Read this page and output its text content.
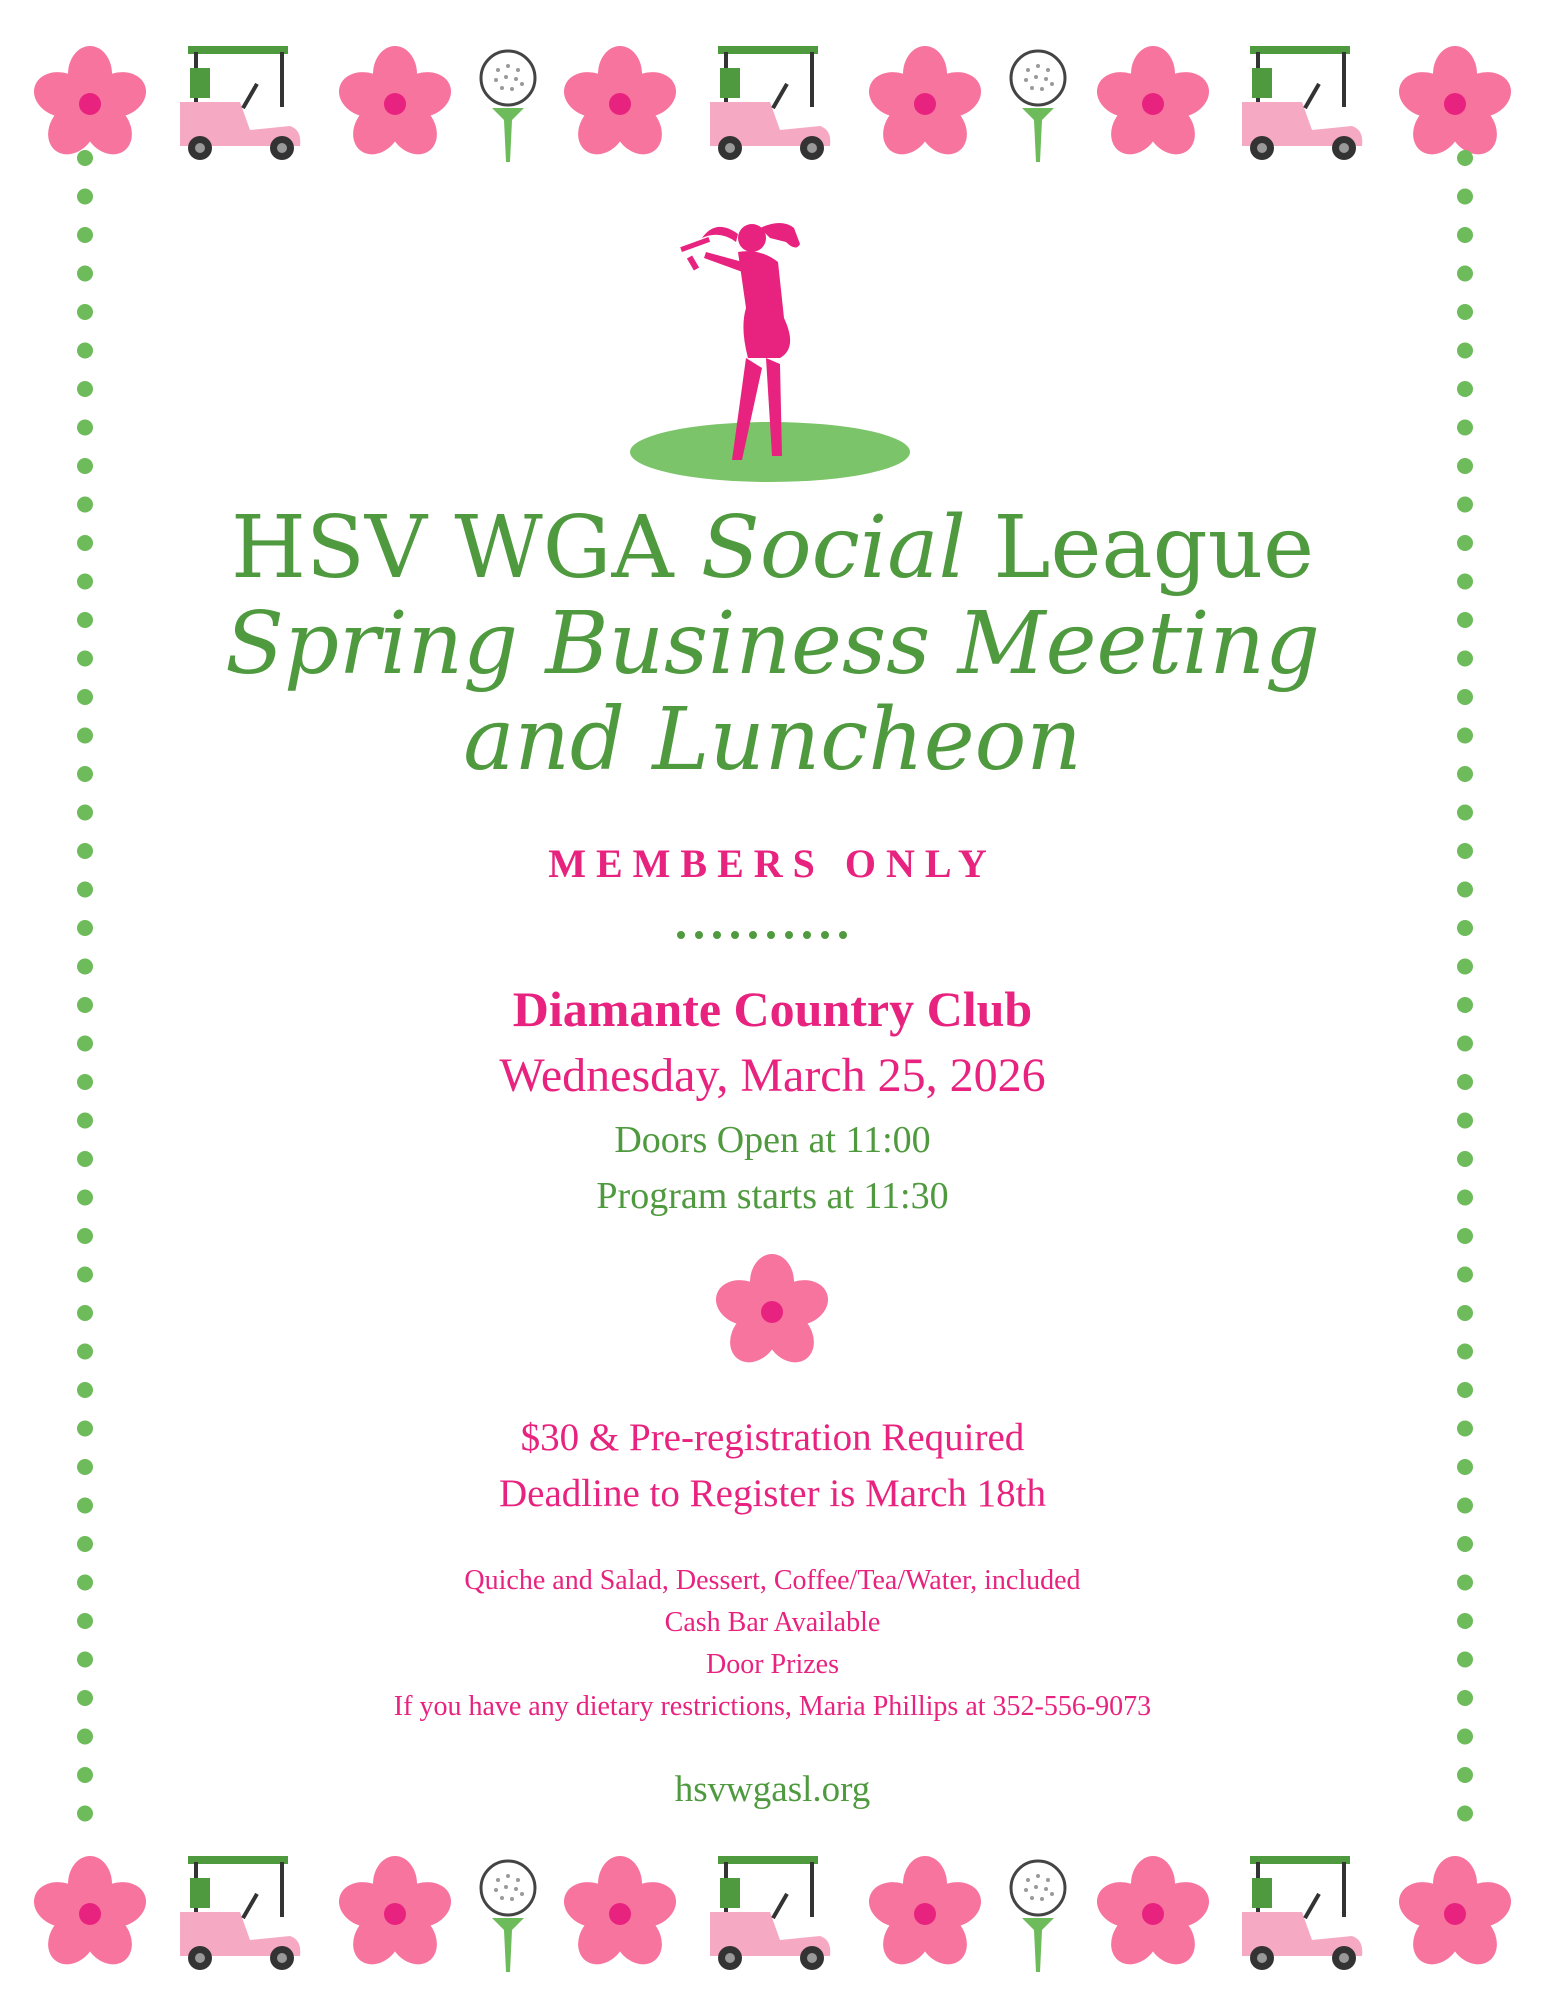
HSV WGA Social League
Spring Business Meeting
and Luncheon
MEMBERS ONLY
Diamante Country Club
Wednesday, March 25, 2026
Doors Open at 11:00
Program starts at 11:30
$30 & Pre-registration Required
Deadline to Register is March 18th
Quiche and Salad, Dessert, Coffee/Tea/Water, included
Cash Bar Available
Door Prizes
If you have any dietary restrictions, Maria Phillips at 352-556-9073
hsvwgasl.org
